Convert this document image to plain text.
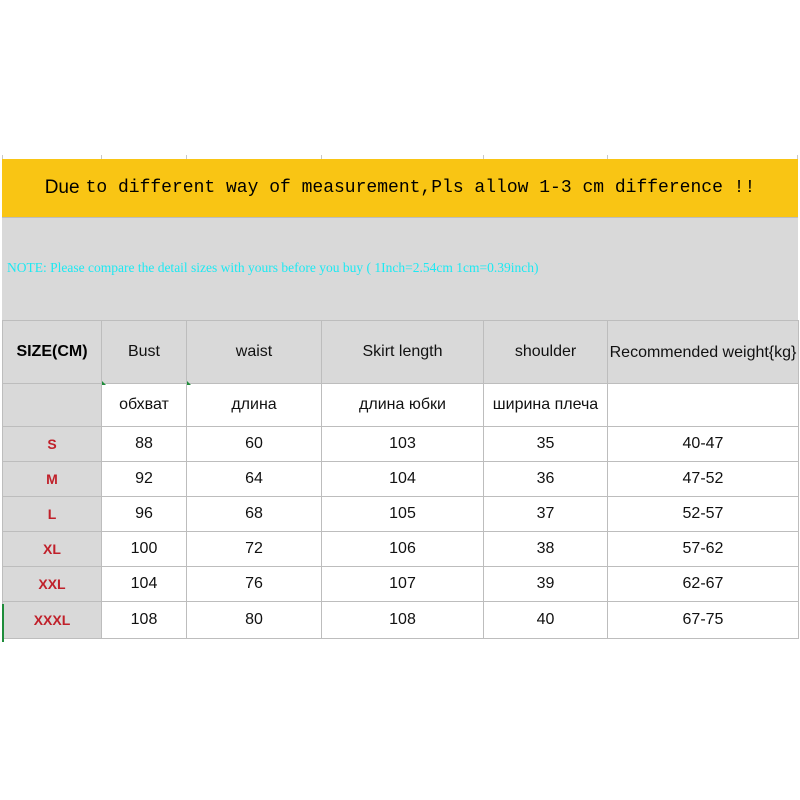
Due to different way of measurement,Pls allow 1-3 cm difference !!
NOTE: Please compare the detail sizes with yours before you buy ( 1Inch=2.54cm 1cm=0.39inch)
SIZE(CM)	Bust	waist	Skirt length	shoulder	Recommended weight{kg}
	обхват	длина	длина юбки	ширина плеча	
S	88	60	103	35	40-47
M	92	64	104	36	47-52
L	96	68	105	37	52-57
XL	100	72	106	38	57-62
XXL	104	76	107	39	62-67
XXXL	108	80	108	40	67-75
